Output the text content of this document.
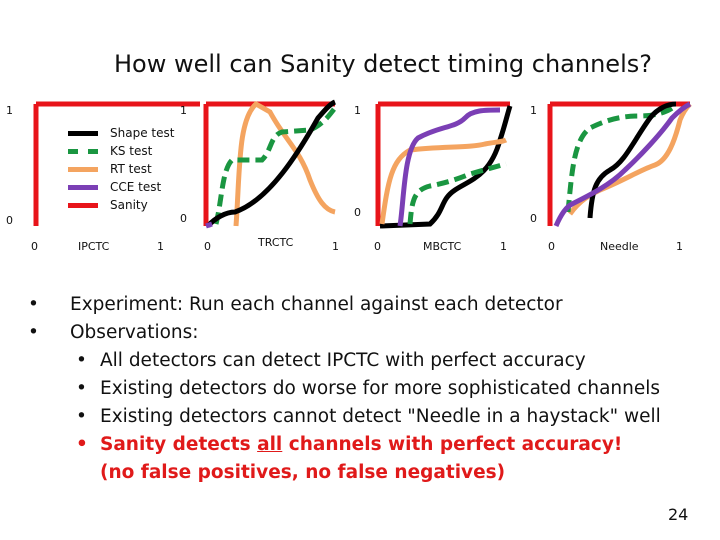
How well can Sanity detect timing channels?
1
0
0	IPCTC	1
1
0
0	TRCTC	1
1
0
0	MBCTC	1
1
0
0	Needle	1
Shape test
KS test
RT test
CCE test
Sanity
•	Experiment: Run each channel against each detector
•	Observations:
• All detectors can detect IPCTC with perfect accuracy
• Existing detectors do worse for more sophisticated channels
• Existing detectors cannot detect "Needle in a haystack" well
• Sanity detects all channels with perfect accuracy!
(no false positives, no false negatives)
24
